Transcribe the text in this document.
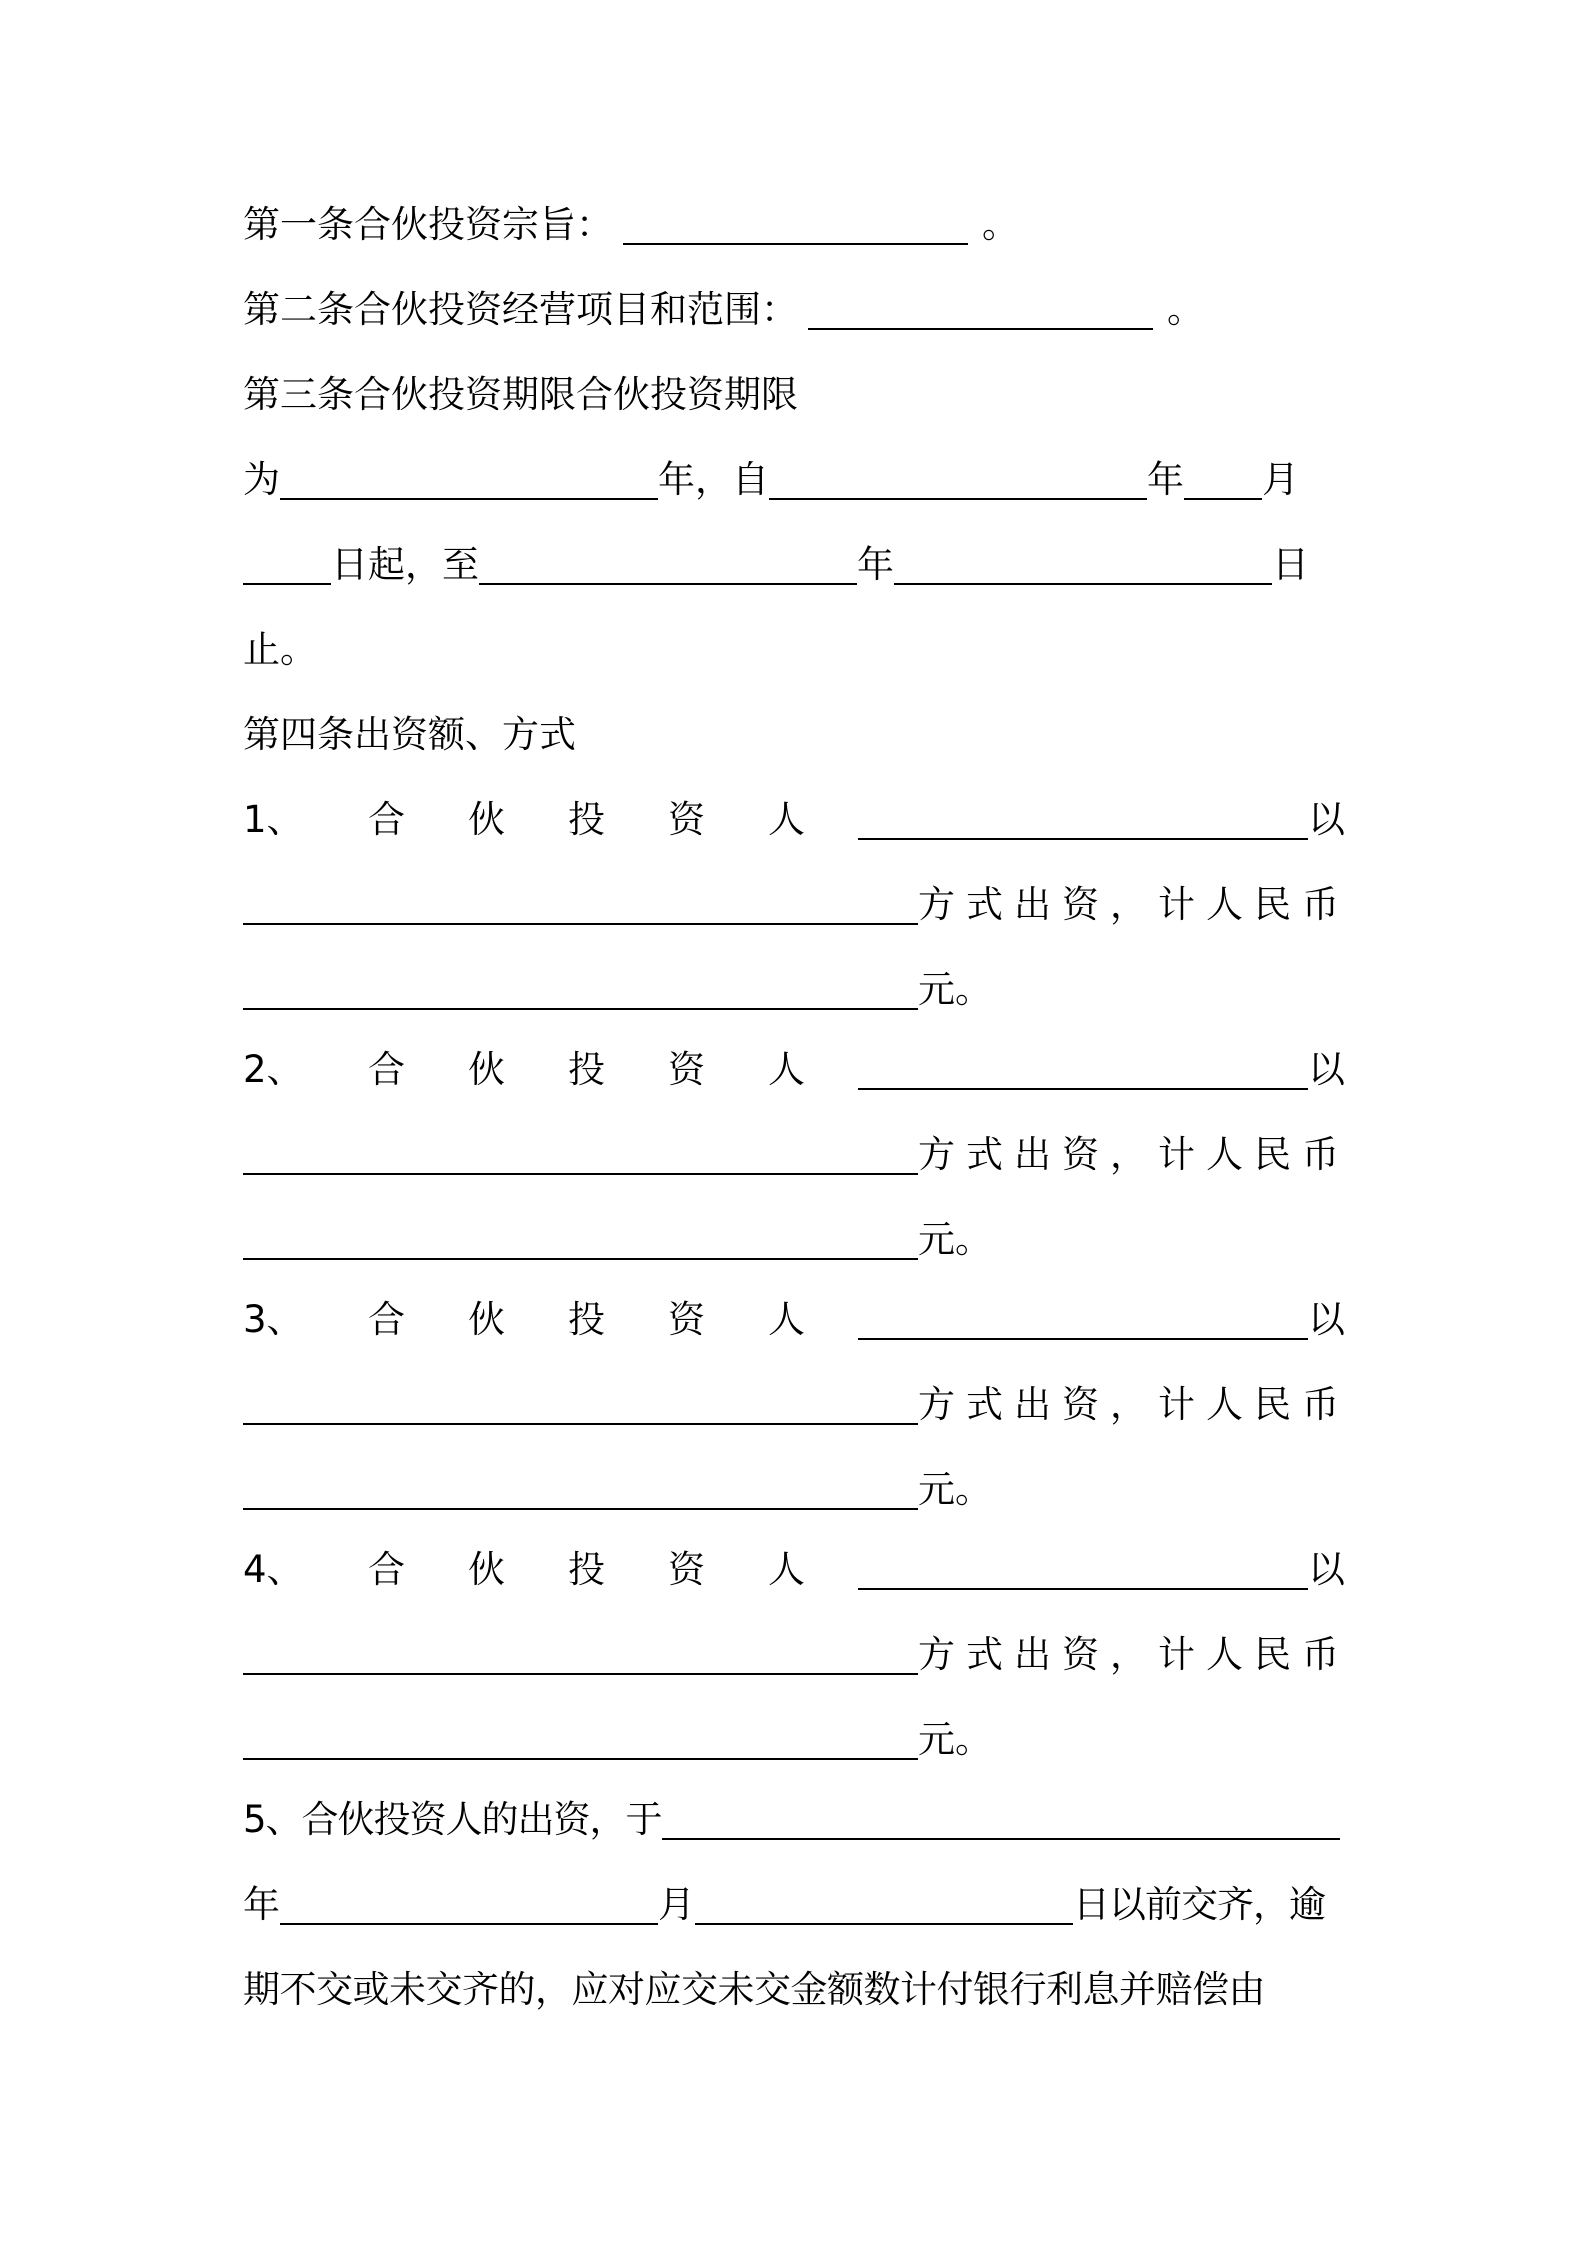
第一条合伙投资宗旨：	。
第二条合伙投资经营项目和范围：	。
第三条合伙投资期限合伙投资期限
为	年，自	年 月
日起，至	年	日
止。
第四条出资额、方式
1、	合	伙	投	资	人	以
方式出资，计人民币
元。
2、	合	伙	投	资	人	以
方式出资，计人民币
元。
3、	合	伙	投	资	人	以
方式出资，计人民币
元。
4、	合	伙	投	资	人	以
方式出资，计人民币
元。
5、合伙投资人的出资，于
年	月	日以前交齐，逾
期不交或未交齐的，应对应交未交金额数计付银行利息并赔偿由
